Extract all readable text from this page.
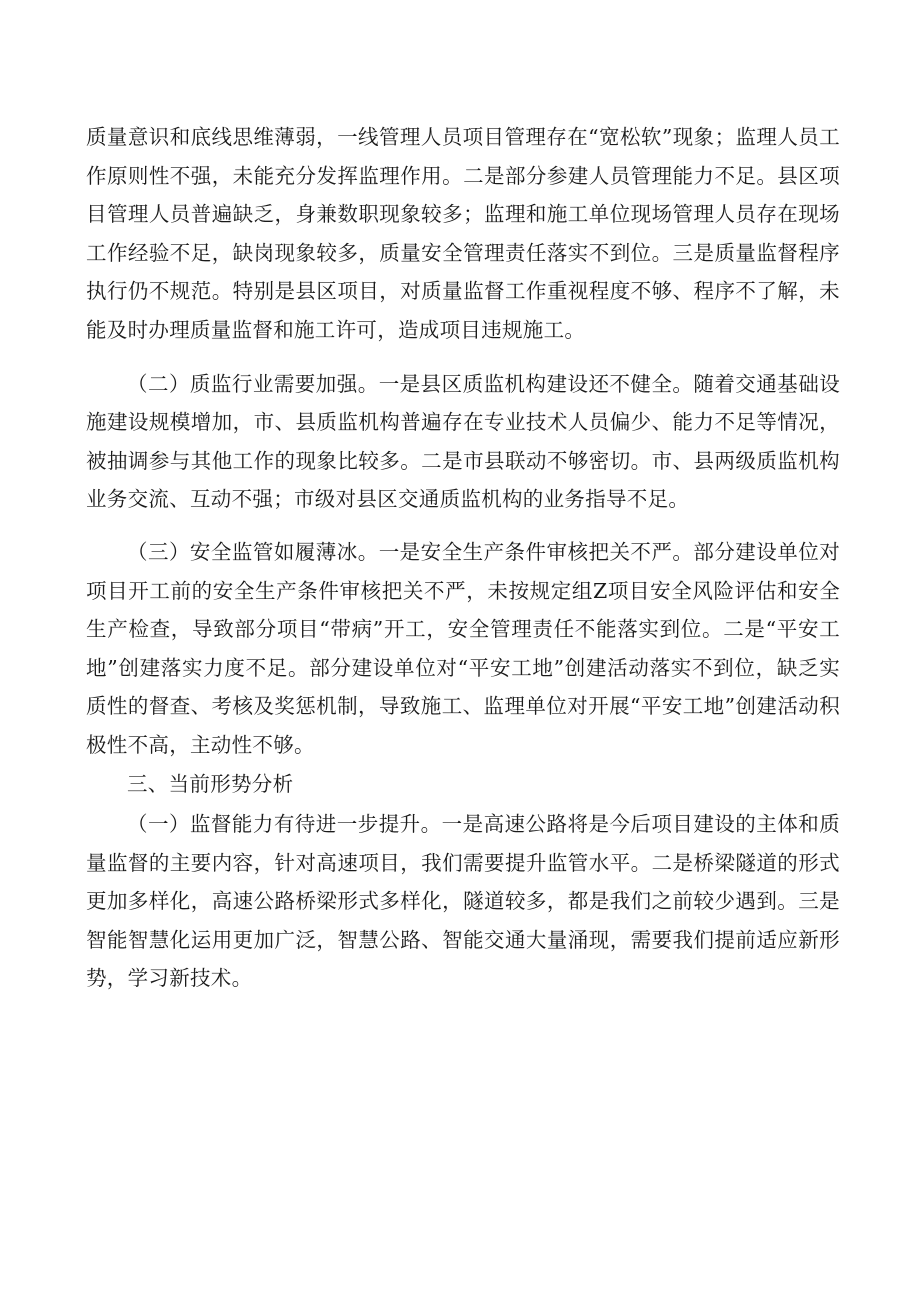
质量意识和底线思维薄弱，一线管理人员项目管理存在“宽松软”现象；监理人员工作原则性不强，未能充分发挥监理作用。二是部分参建人员管理能力不足。县区项目管理人员普遍缺乏，身兼数职现象较多；监理和施工单位现场管理人员存在现场工作经验不足，缺岗现象较多，质量安全管理责任落实不到位。三是质量监督程序执行仍不规范。特别是县区项目，对质量监督工作重视程度不够、程序不了解，未能及时办理质量监督和施工许可，造成项目违规施工。

（二）质监行业需要加强。一是县区质监机构建设还不健全。随着交通基础设施建设规模增加，市、县质监机构普遍存在专业技术人员偏少、能力不足等情况，被抽调参与其他工作的现象比较多。二是市县联动不够密切。市、县两级质监机构业务交流、互动不强；市级对县区交通质监机构的业务指导不足。

（三）安全监管如履薄冰。一是安全生产条件审核把关不严。部分建设单位对项目开工前的安全生产条件审核把关不严，未按规定组Z项目安全风险评估和安全生产检查，导致部分项目“带病”开工，安全管理责任不能落实到位。二是“平安工地”创建落实力度不足。部分建设单位对“平安工地”创建活动落实不到位，缺乏实质性的督查、考核及奖惩机制，导致施工、监理单位对开展“平安工地”创建活动积极性不高，主动性不够。

三、当前形势分析

（一）监督能力有待进一步提升。一是高速公路将是今后项目建设的主体和质量监督的主要内容，针对高速项目，我们需要提升监管水平。二是桥梁隧道的形式更加多样化，高速公路桥梁形式多样化，隧道较多，都是我们之前较少遇到。三是智能智慧化运用更加广泛，智慧公路、智能交通大量涌现，需要我们提前适应新形势，学习新技术。
